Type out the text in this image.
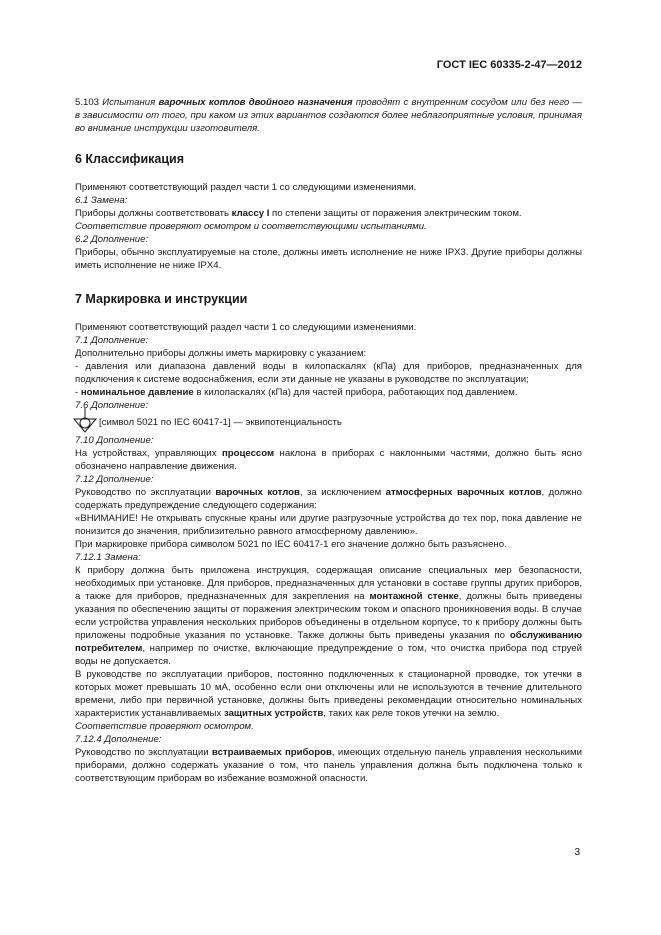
ГОСТ IEC 60335-2-47—2012

5.103 Испытания варочных котлов двойного назначения проводят с внутренним сосудом или без него — в зависимости от того, при каком из этих вариантов создаются более неблагоприятные условия, принимая во внимание инструкции изготовителя.

6 Классификация

Применяют соответствующий раздел части 1 со следующими изменениями.

6.1 Замена:

Приборы должны соответствовать классу I по степени защиты от поражения электрическим током.

Соответствие проверяют осмотром и соответствующими испытаниями.

6.2 Дополнение:

Приборы, обычно эксплуатируемые на столе, должны иметь исполнение не ниже IPX3. Другие приборы должны иметь исполнение не ниже IPX4.

7 Маркировка и инструкции

Применяют соответствующий раздел части 1 со следующими изменениями.

7.1 Дополнение:

Дополнительно приборы должны иметь маркировку с указанием:

- давления или диапазона давлений воды в килопаскалях (кПа) для приборов, предназначенных для подключения к системе водоснабжения, если эти данные не указаны в руководстве по эксплуатации;

- номинальное давление в килопаскалях (кПа) для частей прибора, работающих под давлением.

7.6 Дополнение:

[символ 5021 по IEC 60417-1] — эквипотенциальность

7.10 Дополнение:

На устройствах, управляющих процессом наклона в приборах с наклонными частями, должно быть ясно обозначено направление движения.

7.12 Дополнение:

Руководство по эксплуатации варочных котлов, за исключением атмосферных варочных котлов, должно содержать предупреждение следующего содержания:

«ВНИМАНИЕ! Не открывать спускные краны или другие разгрузочные устройства до тех пор, пока давление не понизится до значения, приблизительно равного атмосферному давлению».

При маркировке прибора символом 5021 по IEC 60417-1 его значение должно быть разъяснено.

7.12.1 Замена:

К прибору должна быть приложена инструкция, содержащая описание специальных мер безопасности, необходимых при установке. Для приборов, предназначенных для установки в составе группы других приборов, а также для приборов, предназначенных для закрепления на монтажной стенке, должны быть приведены указания по обеспечению защиты от поражения электрическим током и опасного проникновения воды. В случае если устройства управления нескольких приборов объединены в отдельном корпусе, то к прибору должны быть приложены подробные указания по установке. Также должны быть приведены указания по обслуживанию потребителем, например по очистке, включающие предупреждение о том, что очистка прибора под струей воды не допускается.

В руководстве по эксплуатации приборов, постоянно подключенных к стационарной проводке, ток утечки в которых может превышать 10 мА, особенно если они отключены или не используются в течение длительного времени, либо при первичной установке, должны быть приведены рекомендации относительно номинальных характеристик устанавливаемых защитных устройств, таких как реле токов утечки на землю.

Соответствие проверяют осмотром.

7.12.4 Дополнение:

Руководство по эксплуатации встраиваемых приборов, имеющих отдельную панель управления несколькими приборами, должно содержать указание о том, что панель управления должна быть подключена только к соответствующим приборам во избежание возможной опасности.

3
